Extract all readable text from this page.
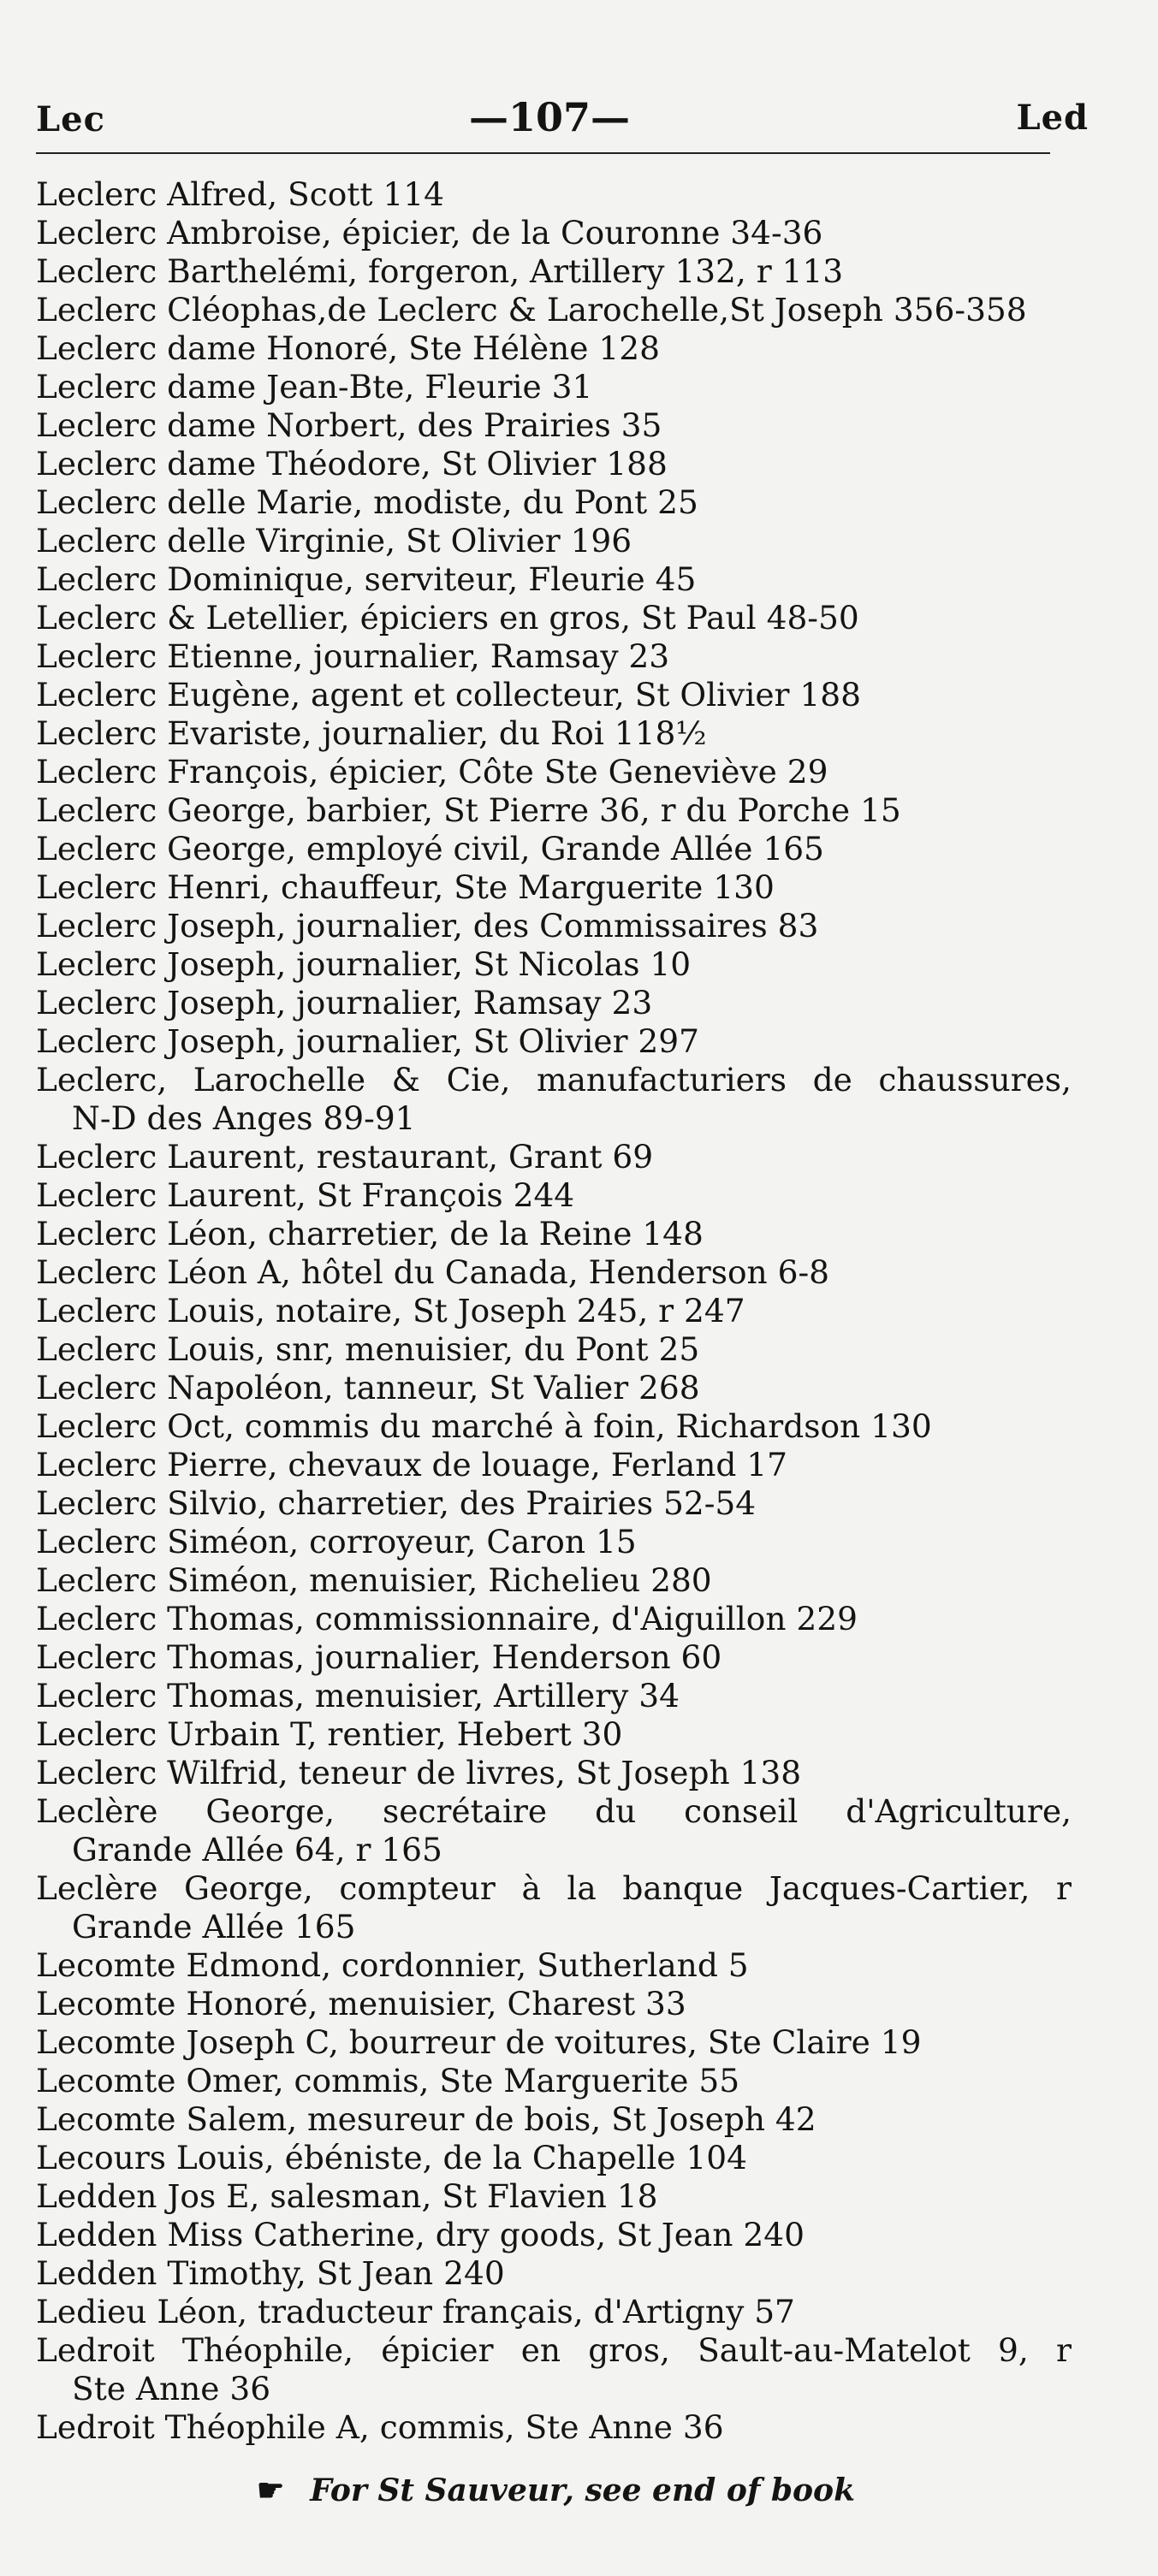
Lec	—107—	Led
Leclerc Alfred, Scott 114
Leclerc Ambroise, épicier, de la Couronne 34-36
Leclerc Barthelémi, forgeron, Artillery 132, r 113
Leclerc Cléophas,de Leclerc & Larochelle,St Joseph 356-358
Leclerc dame Honoré, Ste Hélène 128
Leclerc dame Jean-Bte, Fleurie 31
Leclerc dame Norbert, des Prairies 35
Leclerc dame Théodore, St Olivier 188
Leclerc delle Marie, modiste, du Pont 25
Leclerc delle Virginie, St Olivier 196
Leclerc Dominique, serviteur, Fleurie 45
Leclerc & Letellier, épiciers en gros, St Paul 48-50
Leclerc Etienne, journalier, Ramsay 23
Leclerc Eugène, agent et collecteur, St Olivier 188
Leclerc Evariste, journalier, du Roi 118½
Leclerc François, épicier, Côte Ste Geneviève 29
Leclerc George, barbier, St Pierre 36, r du Porche 15
Leclerc George, employé civil, Grande Allée 165
Leclerc Henri, chauffeur, Ste Marguerite 130
Leclerc Joseph, journalier, des Commissaires 83
Leclerc Joseph, journalier, St Nicolas 10
Leclerc Joseph, journalier, Ramsay 23
Leclerc Joseph, journalier, St Olivier 297
Leclerc, Larochelle & Cie, manufacturiers de chaussures,
N-D des Anges 89-91
Leclerc Laurent, restaurant, Grant 69
Leclerc Laurent, St François 244
Leclerc Léon, charretier, de la Reine 148
Leclerc Léon A, hôtel du Canada, Henderson 6-8
Leclerc Louis, notaire, St Joseph 245, r 247
Leclerc Louis, snr, menuisier, du Pont 25
Leclerc Napoléon, tanneur, St Valier 268
Leclerc Oct, commis du marché à foin, Richardson 130
Leclerc Pierre, chevaux de louage, Ferland 17
Leclerc Silvio, charretier, des Prairies 52-54
Leclerc Siméon, corroyeur, Caron 15
Leclerc Siméon, menuisier, Richelieu 280
Leclerc Thomas, commissionnaire, d'Aiguillon 229
Leclerc Thomas, journalier, Henderson 60
Leclerc Thomas, menuisier, Artillery 34
Leclerc Urbain T, rentier, Hebert 30
Leclerc Wilfrid, teneur de livres, St Joseph 138
Leclère George, secrétaire du conseil d'Agriculture,
Grande Allée 64, r 165
Leclère George, compteur à la banque Jacques-Cartier, r
Grande Allée 165
Lecomte Edmond, cordonnier, Sutherland 5
Lecomte Honoré, menuisier, Charest 33
Lecomte Joseph C, bourreur de voitures, Ste Claire 19
Lecomte Omer, commis, Ste Marguerite 55
Lecomte Salem, mesureur de bois, St Joseph 42
Lecours Louis, ébéniste, de la Chapelle 104
Ledden Jos E, salesman, St Flavien 18
Ledden Miss Catherine, dry goods, St Jean 240
Ledden Timothy, St Jean 240
Ledieu Léon, traducteur français, d'Artigny 57
Ledroit Théophile, épicier en gros, Sault-au-Matelot 9, r
Ste Anne 36
Ledroit Théophile A, commis, Ste Anne 36
☛ For St Sauveur, see end of book
